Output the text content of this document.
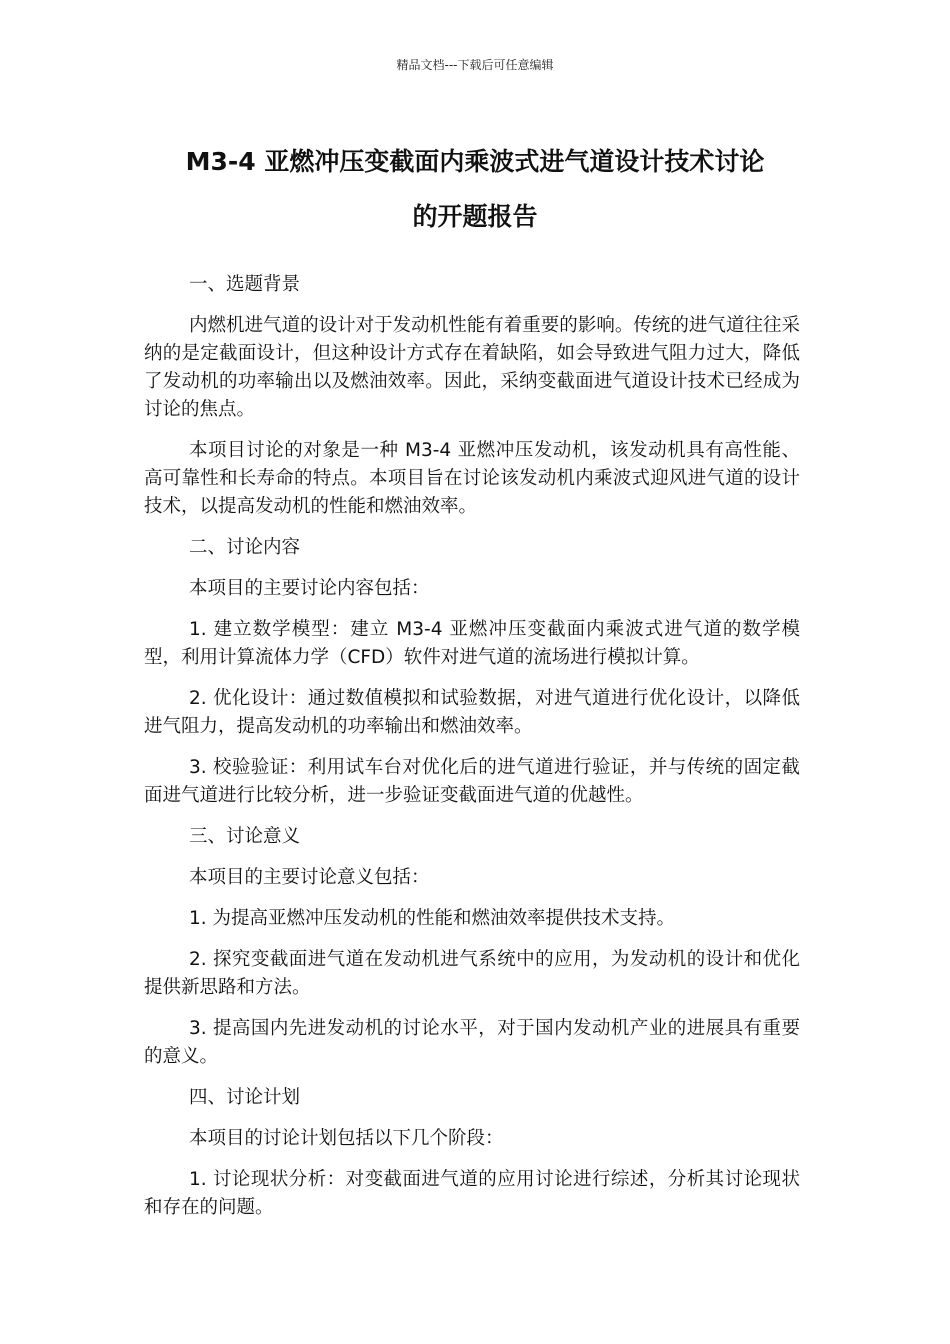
精品文档---下载后可任意编辑
M3-4 亚燃冲压变截面内乘波式进气道设计技术讨论
的开题报告

一、选题背景

内燃机进气道的设计对于发动机性能有着重要的影响。传统的进气道往往采纳的是定截面设计，但这种设计方式存在着缺陷，如会导致进气阻力过大，降低了发动机的功率输出以及燃油效率。因此，采纳变截面进气道设计技术已经成为讨论的焦点。

本项目讨论的对象是一种 M3-4 亚燃冲压发动机，该发动机具有高性能、高可靠性和长寿命的特点。本项目旨在讨论该发动机内乘波式迎风进气道的设计技术，以提高发动机的性能和燃油效率。

二、讨论内容

本项目的主要讨论内容包括：

1. 建立数学模型：建立 M3-4 亚燃冲压变截面内乘波式进气道的数学模型，利用计算流体力学（CFD）软件对进气道的流场进行模拟计算。

2. 优化设计：通过数值模拟和试验数据，对进气道进行优化设计，以降低进气阻力，提高发动机的功率输出和燃油效率。

3. 校验验证：利用试车台对优化后的进气道进行验证，并与传统的固定截面进气道进行比较分析，进一步验证变截面进气道的优越性。

三、讨论意义

本项目的主要讨论意义包括：

1. 为提高亚燃冲压发动机的性能和燃油效率提供技术支持。

2. 探究变截面进气道在发动机进气系统中的应用，为发动机的设计和优化提供新思路和方法。

3. 提高国内先进发动机的讨论水平，对于国内发动机产业的进展具有重要的意义。

四、讨论计划

本项目的讨论计划包括以下几个阶段：

1. 讨论现状分析：对变截面进气道的应用讨论进行综述，分析其讨论现状和存在的问题。
